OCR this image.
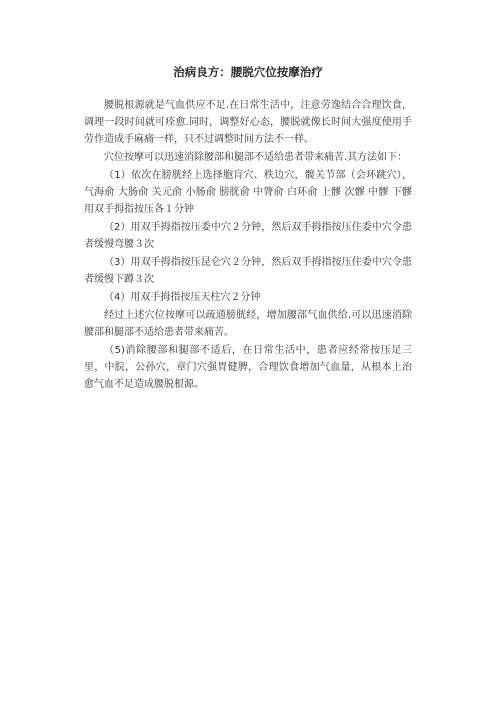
治病良方：腰脱穴位按摩治疗

腰脱根源就是气血供应不足.在日常生活中，注意劳逸结合合理饮食，调理一段时间就可痊愈.同时，调整好心态，腰脱就像长时间大强度使用手劳作造成手麻痛一样，只不过调整时间方法不一样。

穴位按摩可以迅速消除腰部和腿部不适给患者带来痛苦.其方法如下：

（1）依次在膀胱经上选择胞肓穴、秩边穴，髋关节部（会环跳穴），气海俞 大肠俞 关元俞 小肠俞 膀胱俞 中膂俞 白环俞 上髎 次髎 中髎 下髎 用双手拇指按压各１分钟

（2）用双手拇指按压委中穴２分钟，然后双手拇指按压住委中穴令患者缓慢弯腰３次

（3）用双手拇指按压昆仑穴２分钟，然后双手拇指按压住委中穴令患者缓慢下蹲３次

（4）用双手拇指按压天柱穴２分钟

经过上述穴位按摩可以疏通膀胱经，增加腰部气血供给.可以迅速消除腰部和腿部不适给患者带来痛苦。

（5)消除腰部和腿部不适后，在日常生活中，患者应经常按压足三里，中脘，公孙穴，章门穴强胃健脾，合理饮食增加气血量，从根本上治愈气血不足造成腰脱根源。
